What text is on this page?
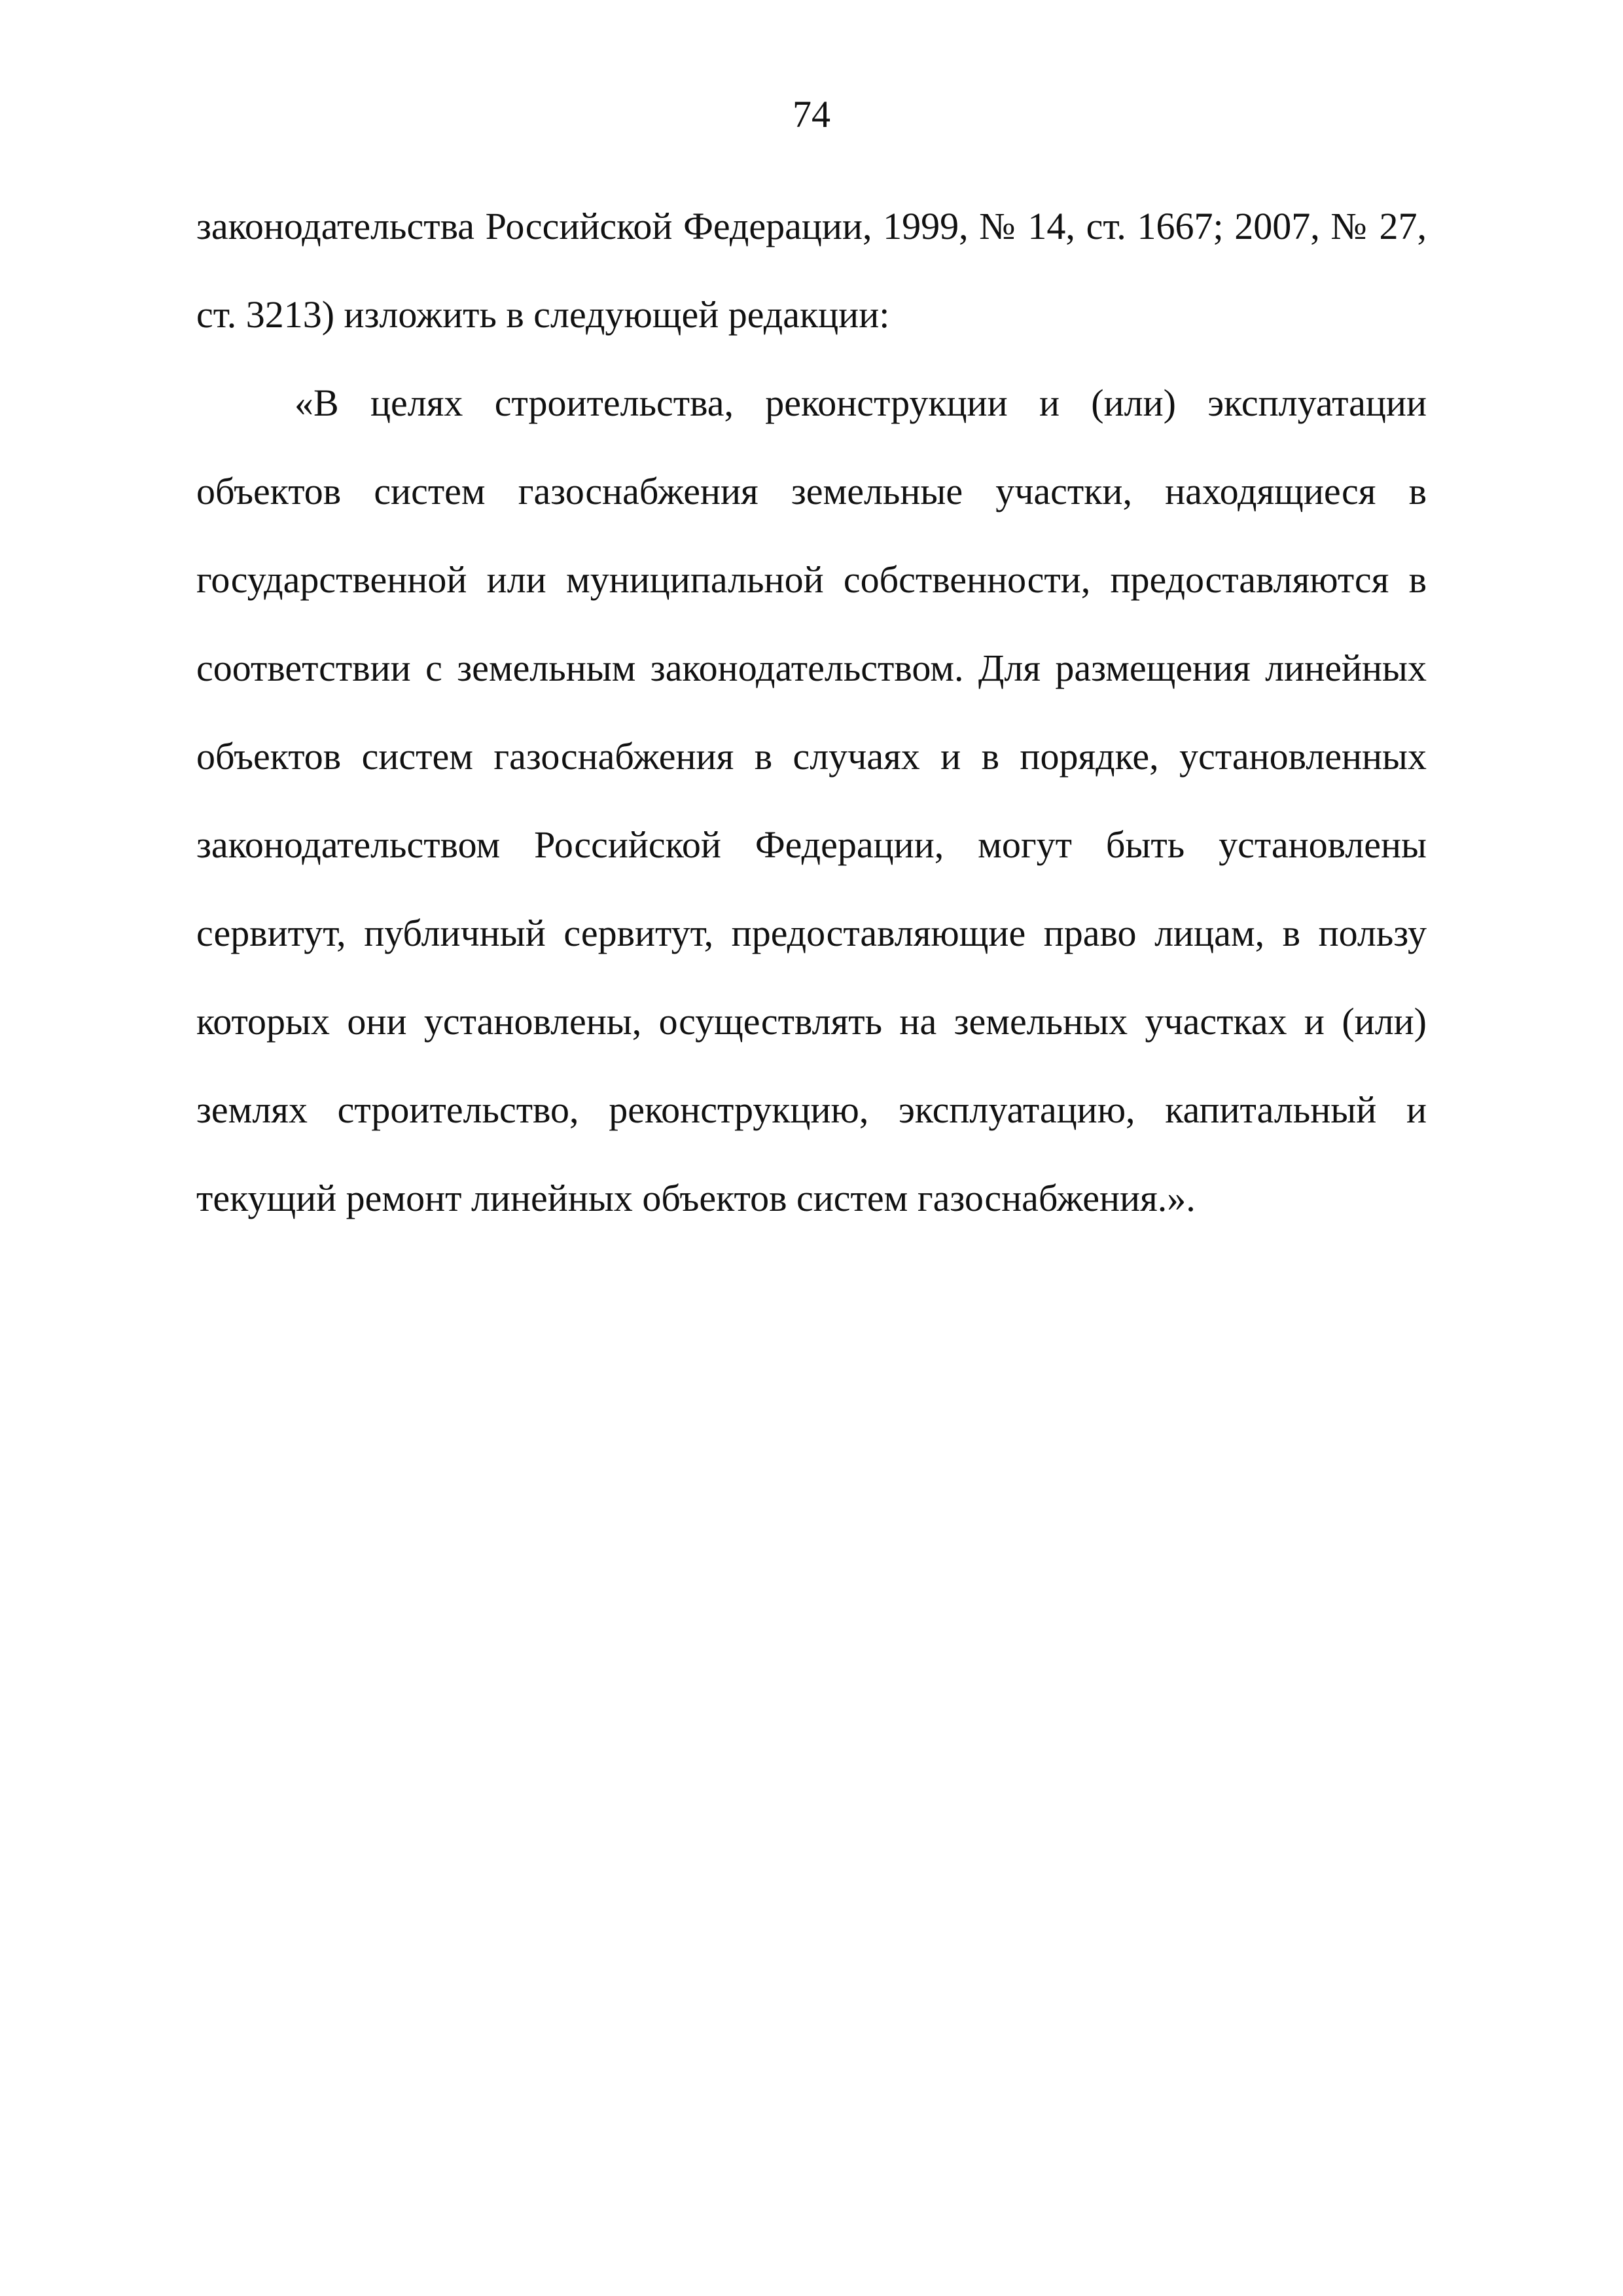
74

законодательства Российской Федерации, 1999, № 14, ст. 1667; 2007, № 27, ст. 3213) изложить в следующей редакции:

«В целях строительства, реконструкции и (или) эксплуатации объектов систем газоснабжения земельные участки, находящиеся в государственной или муниципальной собственности, предоставляются в соответствии с земельным законодательством. Для размещения линейных объектов систем газоснабжения в случаях и в порядке, установленных законодательством Российской Федерации, могут быть установлены сервитут, публичный сервитут, предоставляющие право лицам, в пользу которых они установлены, осуществлять на земельных участках и (или) землях строительство, реконструкцию, эксплуатацию, капитальный и текущий ремонт линейных объектов систем газоснабжения.».
